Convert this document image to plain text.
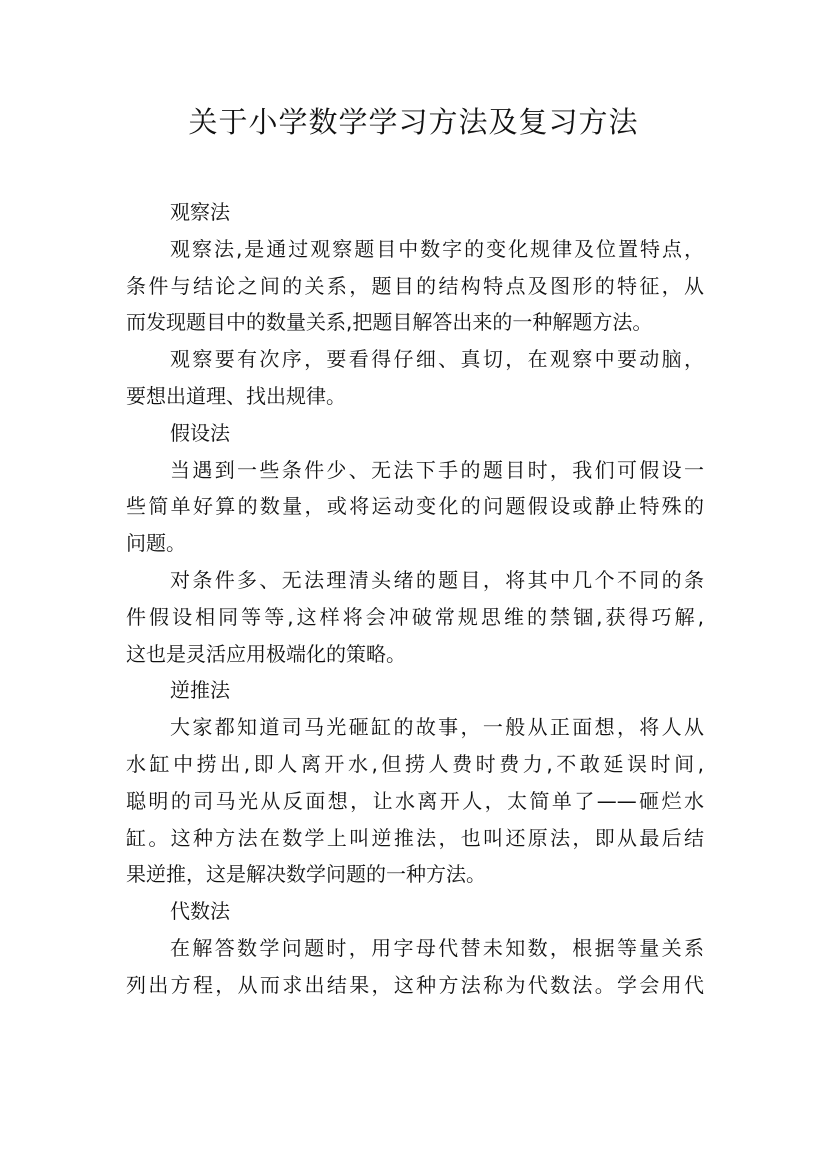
关于小学数学学习方法及复习方法
观察法

观察法,是通过观察题目中数字的变化规律及位置特点，
条件与结论之间的关系，题目的结构特点及图形的特征，从
而发现题目中的数量关系,把题目解答出来的一种解题方法。

观察要有次序，要看得仔细、真切，在观察中要动脑，
要想出道理、找出规律。

假设法

当遇到一些条件少、无法下手的题目时，我们可假设一
些简单好算的数量，或将运动变化的问题假设或静止特殊的
问题。

对条件多、无法理清头绪的题目，将其中几个不同的条
件假设相同等等,这样将会冲破常规思维的禁锢,获得巧解,
这也是灵活应用极端化的策略。

逆推法

大家都知道司马光砸缸的故事，一般从正面想，将人从
水缸中捞出,即人离开水,但捞人费时费力,不敢延误时间,
聪明的司马光从反面想，让水离开人，太简单了——砸烂水
缸。这种方法在数学上叫逆推法，也叫还原法，即从最后结
果逆推，这是解决数学问题的一种方法。

代数法

在解答数学问题时，用字母代替未知数，根据等量关系
列出方程，从而求出结果，这种方法称为代数法。学会用代
